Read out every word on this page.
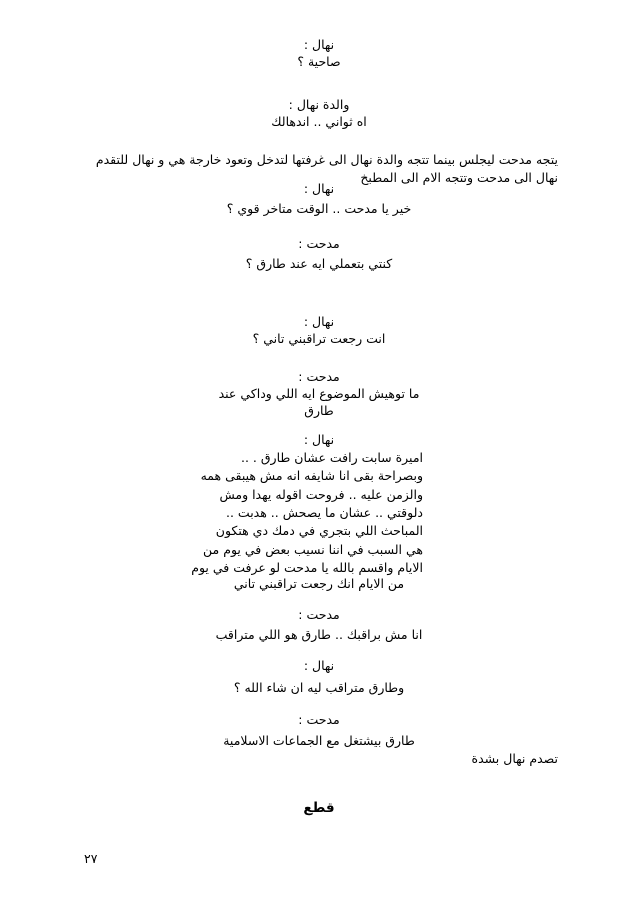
نهال :
صاحية ؟
والدة نهال :
اه ثواني .. اندهالك
يتجه مدحت ليجلس بينما تتجه والدة نهال الى غرفتها لتدخل وتعود خارجة هي و نهال للتقدم
نهال الى مدحت وتتجه الام الى المطبخ
نهال :
خير يا مدحت .. الوقت متاخر قوي ؟
مدحت :
كنتي بتعملي ايه عند طارق ؟
نهال :
انت رجعت تراقبني تاني ؟
مدحت :
ما توهيش الموضوع ايه اللي وداكي عند
طارق
نهال :
اميرة سابت رافت عشان طارق . ..
وبصراحة بقى انا شايفه انه مش هيبقى همه
والزمن عليه .. فروحت اقوله يهدا ومش
دلوقتي .. عشان ما يصحش .. هدبت ..
المباحث اللي بتجري في دمك دي هتكون
هي السبب في اننا نسيب بعض في يوم من
الايام واقسم بالله يا مدحت لو عرفت في يوم
من الايام انك رجعت تراقبني تاني
مدحت :
انا مش براقبك .. طارق هو اللي متراقب
نهال :
وطارق متراقب ليه ان شاء الله ؟
مدحت :
طارق بيشتغل مع الجماعات الاسلامية
تصدم نهال بشدة
قطع
٢٧
